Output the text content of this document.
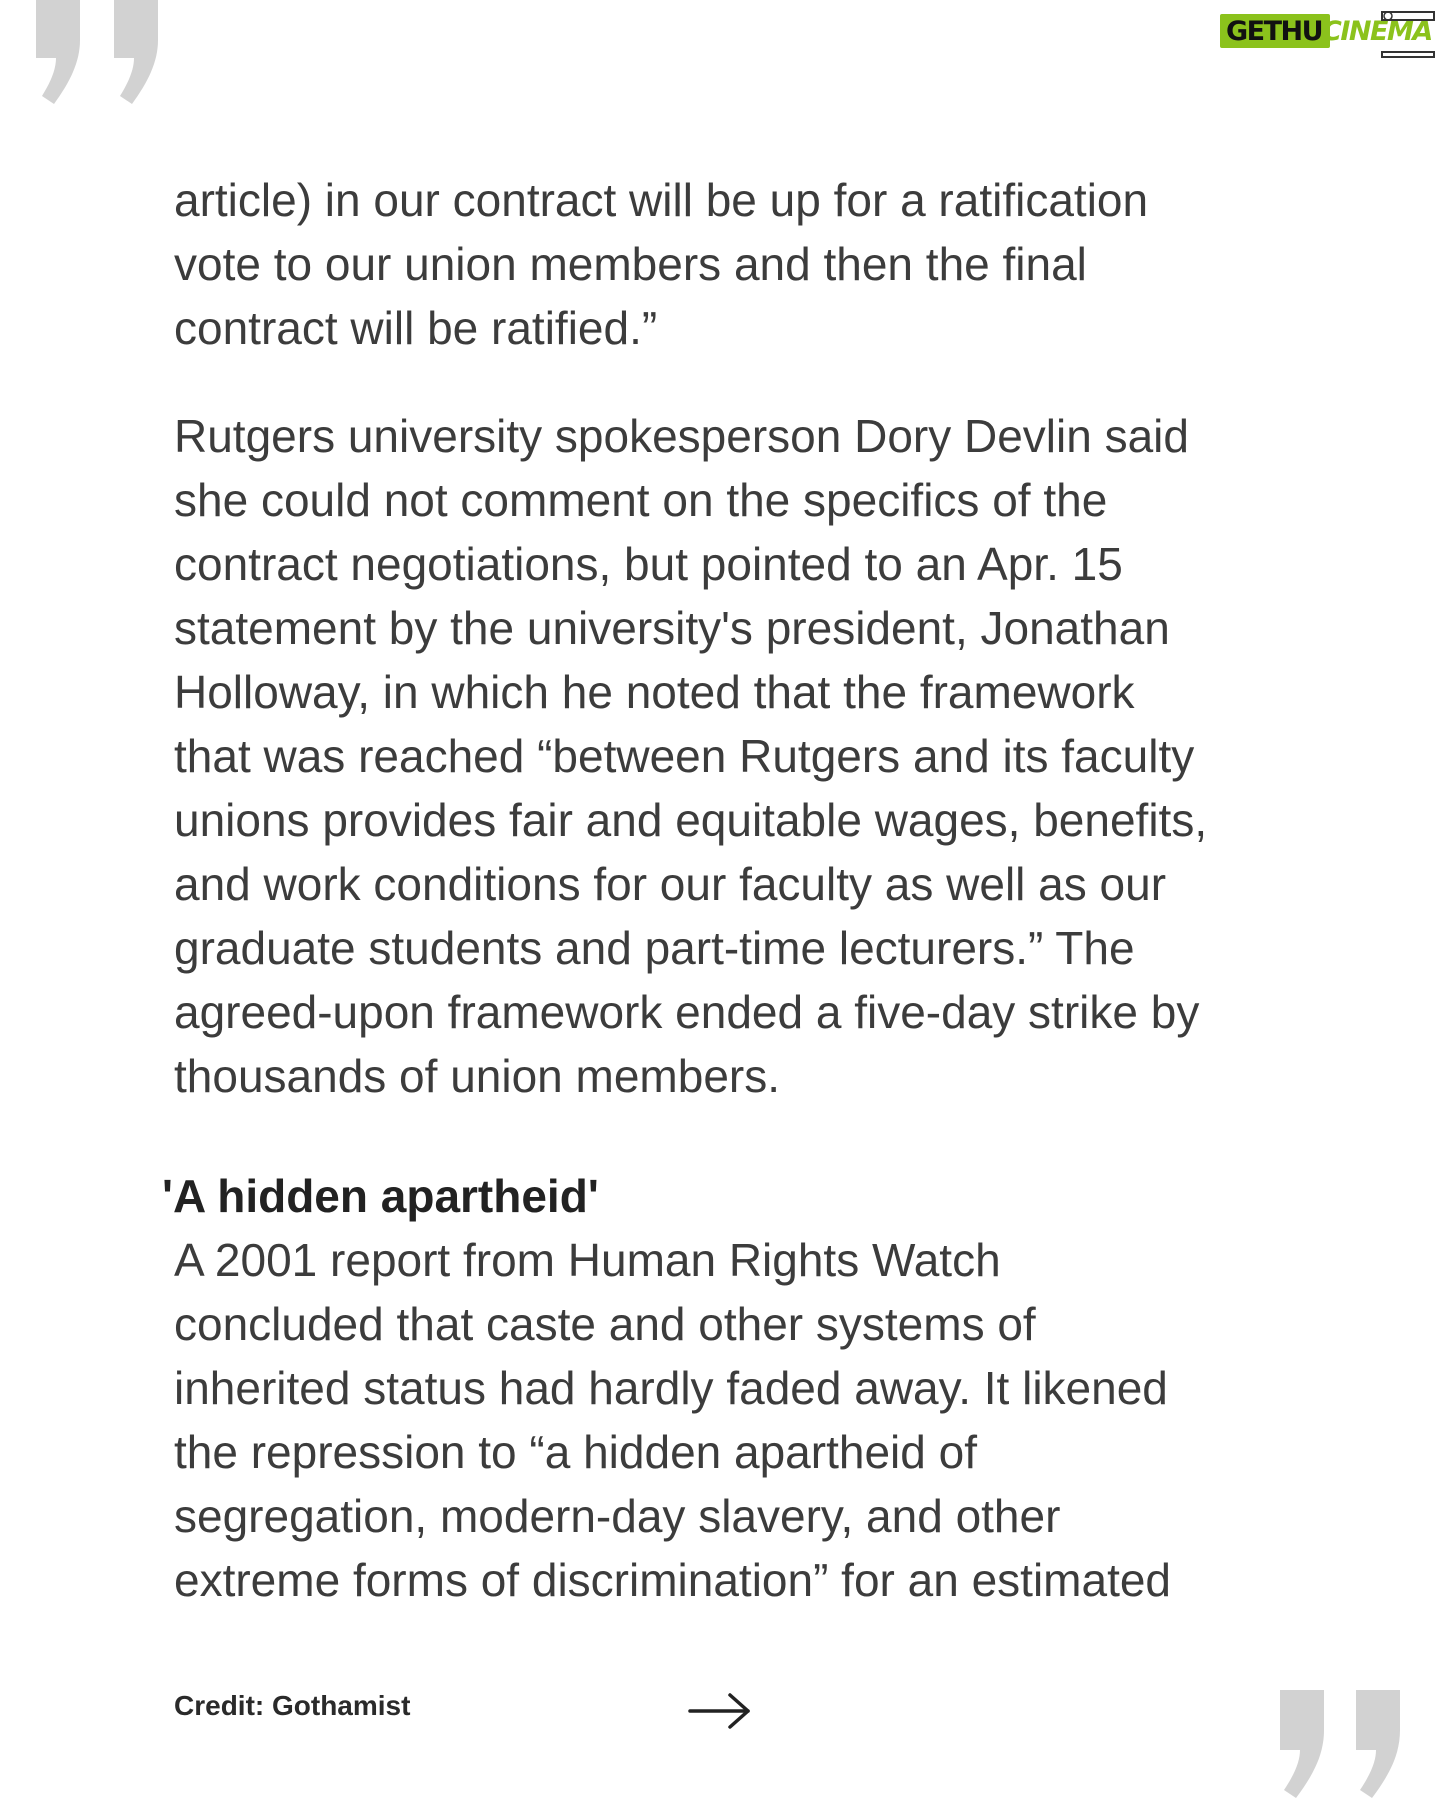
GETHUCINEMA
article) in our contract will be up for a ratification
vote to our union members and then the final
contract will be ratified.”
Rutgers university spokesperson Dory Devlin said
she could not comment on the specifics of the
contract negotiations, but pointed to an Apr. 15
statement by the university's president, Jonathan
Holloway, in which he noted that the framework
that was reached “between Rutgers and its faculty
unions provides fair and equitable wages, benefits,
and work conditions for our faculty as well as our
graduate students and part-time lecturers.” The
agreed-upon framework ended a five-day strike by
thousands of union members.
'A hidden apartheid'
A 2001 report from Human Rights Watch
concluded that caste and other systems of
inherited status had hardly faded away. It likened
the repression to “a hidden apartheid of
segregation, modern-day slavery, and other
extreme forms of discrimination” for an estimated
Credit: Gothamist
